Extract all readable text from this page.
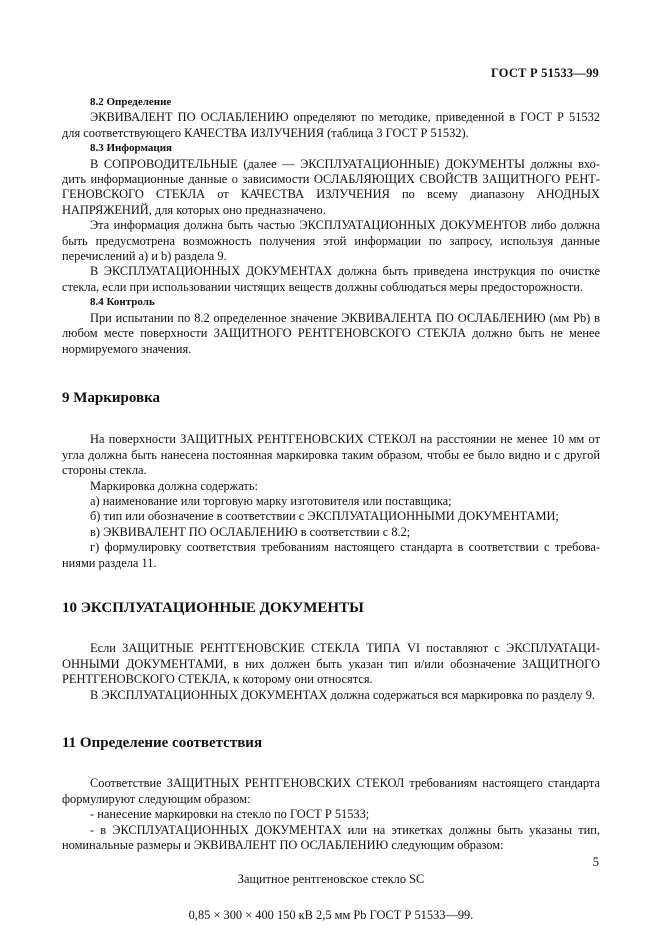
ГОСТ Р 51533—99
8.2 Определение

ЭКВИВАЛЕНТ ПО ОСЛАБЛЕНИЮ определяют по методике, приведенной в ГОСТ Р 51532 для соответствующего КАЧЕСТВА ИЗЛУЧЕНИЯ (таблица 3 ГОСТ Р 51532).

8.3 Информация

В СОПРОВОДИТЕЛЬНЫЕ (далее — ЭКСПЛУАТАЦИОННЫЕ) ДОКУМЕНТЫ должны входить информационные данные о зависимости ОСЛАБЛЯЮЩИХ СВОЙСТВ ЗАЩИТНОГО РЕНТГЕНОВСКОГО СТЕКЛА от КАЧЕСТВА ИЗЛУЧЕНИЯ по всему диапазону АНОДНЫХ НАПРЯЖЕНИЙ, для которых оно предназначено.

Эта информация должна быть частью ЭКСПЛУАТАЦИОННЫХ ДОКУМЕНТОВ либо должна быть предусмотрена возможность получения этой информации по запросу, используя данные перечислений а) и b) раздела 9.

В ЭКСПЛУАТАЦИОННЫХ ДОКУМЕНТАХ должна быть приведена инструкция по очистке стекла, если при использовании чистящих веществ должны соблюдаться меры предосторожности.

8.4 Контроль

При испытании по 8.2 определенное значение ЭКВИВАЛЕНТА ПО ОСЛАБЛЕНИЮ (мм Pb) в любом месте поверхности ЗАЩИТНОГО РЕНТГЕНОВСКОГО СТЕКЛА должно быть не менее нормируемого значения.

9 Маркировка

На поверхности ЗАЩИТНЫХ РЕНТГЕНОВСКИХ СТЕКОЛ на расстоянии не менее 10 мм от угла должна быть нанесена постоянная маркировка таким образом, чтобы ее было видно и с другой стороны стекла.

Маркировка должна содержать:

а) наименование или торговую марку изготовителя или поставщика;

б) тип или обозначение в соответствии с ЭКСПЛУАТАЦИОННЫМИ ДОКУМЕНТАМИ;

в) ЭКВИВАЛЕНТ ПО ОСЛАБЛЕНИЮ в соответствии с 8.2;

г) формулировку соответствия требованиям настоящего стандарта в соответствии с требованиями раздела 11.

10 ЭКСПЛУАТАЦИОННЫЕ ДОКУМЕНТЫ

Если ЗАЩИТНЫЕ РЕНТГЕНОВСКИЕ СТЕКЛА ТИПА VI поставляют с ЭКСПЛУАТАЦИОННЫМИ ДОКУМЕНТАМИ, в них должен быть указан тип и/или обозначение ЗАЩИТНОГО РЕНТГЕНОВСКОГО СТЕКЛА, к которому они относятся.

В ЭКСПЛУАТАЦИОННЫХ ДОКУМЕНТАХ должна содержаться вся маркировка по разделу 9.

11 Определение соответствия

Соответствие ЗАЩИТНЫХ РЕНТГЕНОВСКИХ СТЕКОЛ требованиям настоящего стандарта формулируют следующим образом:

- нанесение маркировки на стекло по ГОСТ Р 51533;

- в ЭКСПЛУАТАЦИОННЫХ ДОКУМЕНТАХ или на этикетках должны быть указаны тип, номинальные размеры и ЭКВИВАЛЕНТ ПО ОСЛАБЛЕНИЮ следующим образом:

Защитное рентгеновское стекло SC

0,85 × 300 × 400 150 кВ 2,5 мм Pb ГОСТ Р 51533—99.

5
